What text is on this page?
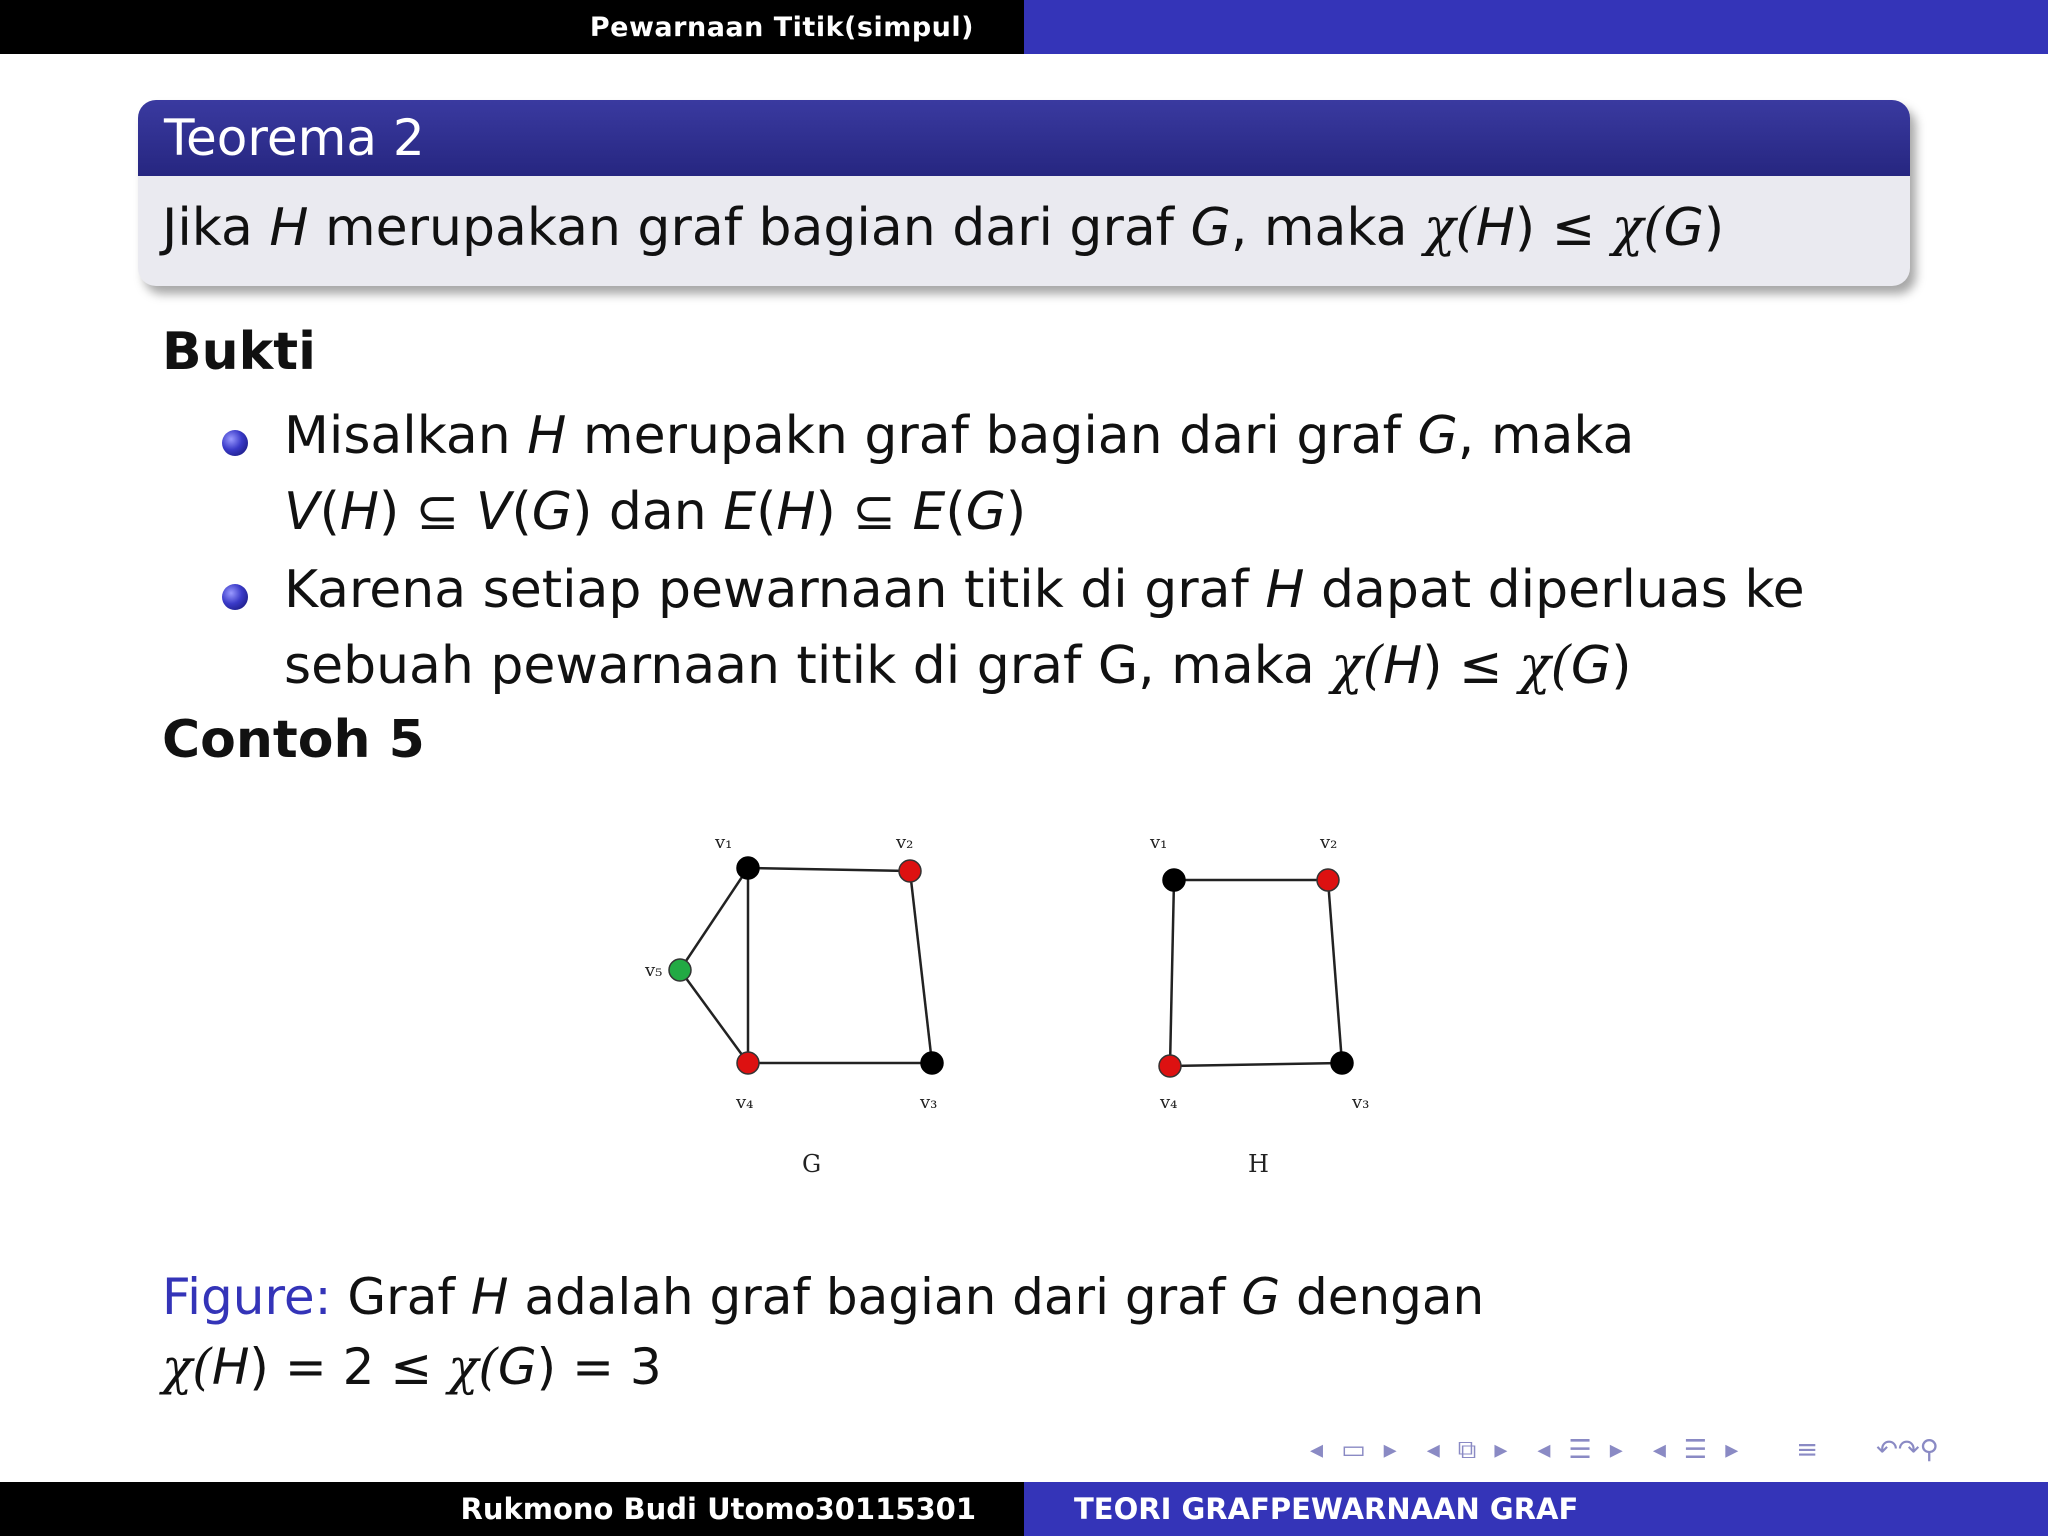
Pewarnaan Titik(simpul)
Teorema 2
Jika H merupakan graf bagian dari graf G, maka χ(H) ≤ χ(G)
Bukti
Misalkan H merupakn graf bagian dari graf G, maka
V(H) ⊆ V(G) dan E(H) ⊆ E(G)
Karena setiap pewarnaan titik di graf H dapat diperluas ke
sebuah pewarnaan titik di graf G, maka χ(H) ≤ χ(G)
Contoh 5
v₁	v₂
v₃
v₄
v₅
G
v₁	v₂
v₃
v₄
H
Figure: Graf H adalah graf bagian dari graf G dengan
χ(H) = 2 ≤ χ(G) = 3
◂ ▭ ▸ ◂ ⧉ ▸ ◂ ☰ ▸ ◂ ☰ ▸ ≡ ↶↷⚲
Rukmono Budi Utomo30115301	TEORI GRAFPEWARNAAN GRAF
